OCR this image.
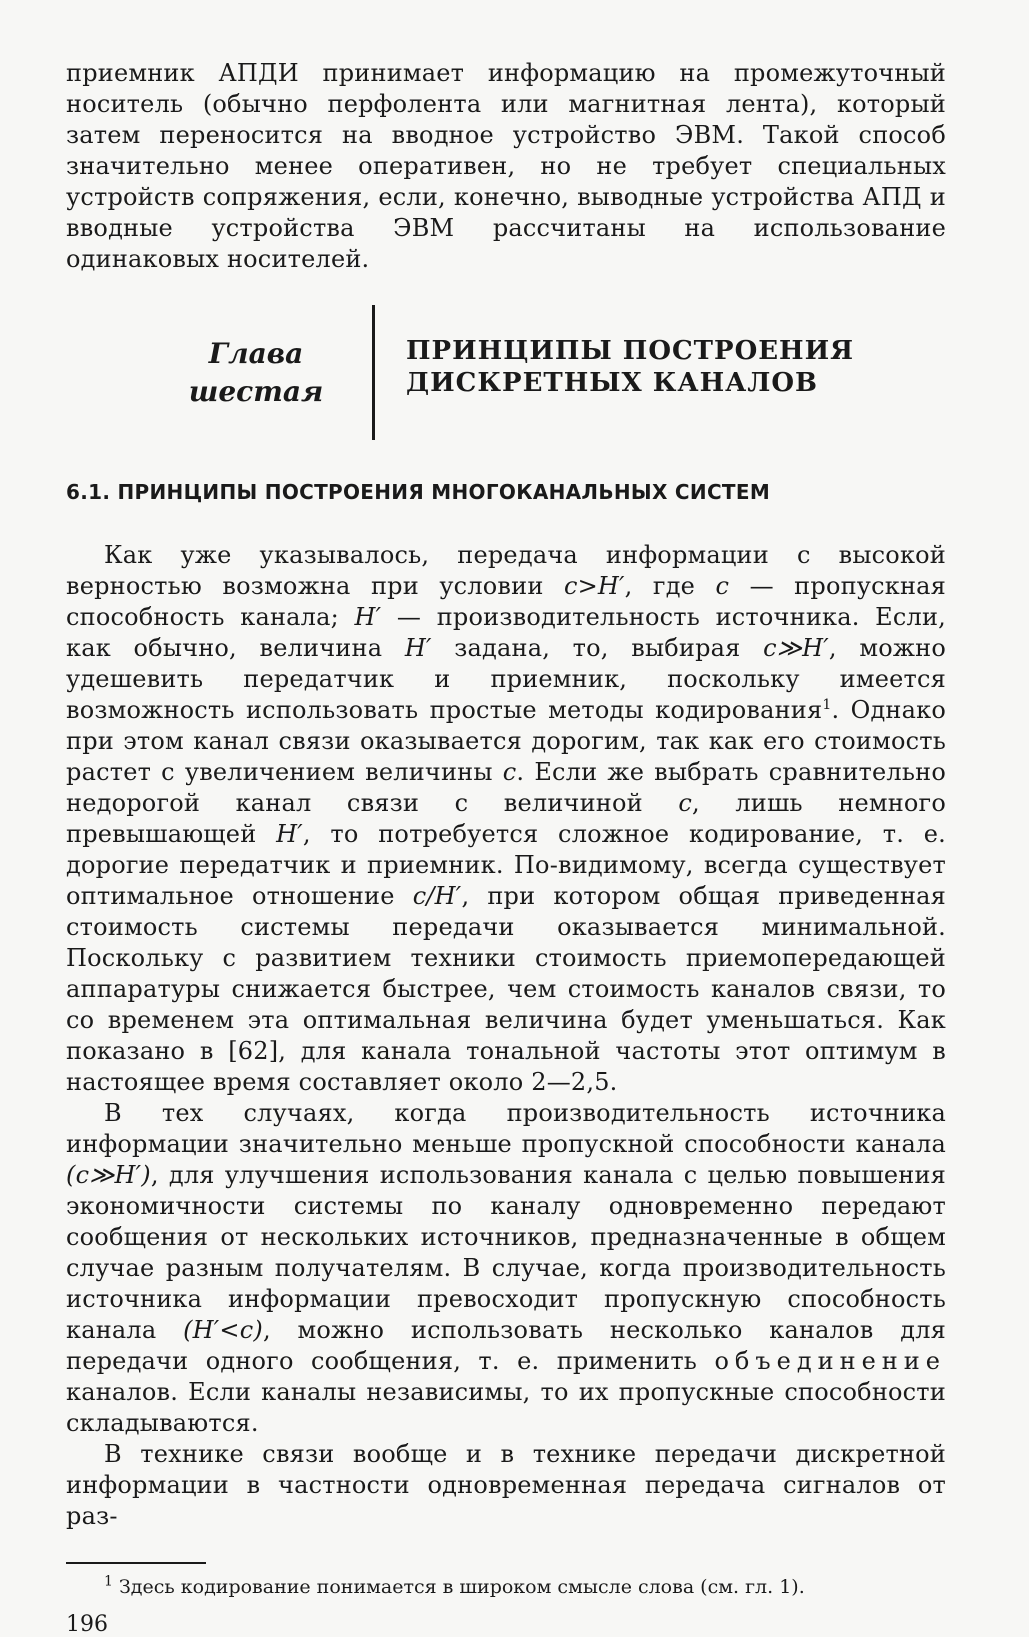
приемник АПДИ принимает информацию на промежуточный носитель (обычно перфолента или магнитная лента), который затем переносится на вводное устройство ЭВМ. Такой способ значительно менее оперативен, но не требует специальных устройств сопряжения, если, конечно, выводные устройства АПД и вводные устройства ЭВМ рассчитаны на использование одинаковых носителей.

Глава
шестая
ПРИНЦИПЫ ПОСТРОЕНИЯ
ДИСКРЕТНЫХ КАНАЛОВ
6.1. ПРИНЦИПЫ ПОСТРОЕНИЯ МНОГОКАНАЛЬНЫХ СИСТЕМ

Как уже указывалось, передача информации с высокой верностью возможна при условии c>H′, где c — пропускная способность канала; H′ — производительность источника. Если, как обычно, величина H′ задана, то, выбирая c≫H′, можно удешевить передатчик и приемник, поскольку имеется возможность использовать простые методы кодирования$^1$. Однако при этом канал связи оказывается дорогим, так как его стоимость растет с увеличением величины c. Если же выбрать сравнительно недорогой канал связи с величиной c, лишь немного превышающей H′, то потребуется сложное кодирование, т. е. дорогие передатчик и приемник. По-видимому, всегда существует оптимальное отношение c/H′, при котором общая приведенная стоимость системы передачи оказывается минимальной. Поскольку с развитием техники стоимость приемопередающей аппаратуры снижается быстрее, чем стоимость каналов связи, то со временем эта оптимальная величина будет уменьшаться. Как показано в [62], для канала тональной частоты этот оптимум в настоящее время составляет около 2—2,5.

В тех случаях, когда производительность источника информации значительно меньше пропускной способности канала (c≫H′), для улучшения использования канала с целью повышения экономичности системы по каналу одновременно передают сообщения от нескольких источников, предназначенные в общем случае разным получателям. В случае, когда производительность источника информации превосходит пропускную способность канала (H′<c), можно использовать несколько каналов для передачи одного сообщения, т. е. применить объединение каналов. Если каналы независимы, то их пропускные способности складываются.

В технике связи вообще и в технике передачи дискретной информации в частности одновременная передача сигналов от раз-

$^1$ Здесь кодирование понимается в широком смысле слова (см. гл. 1).

196
